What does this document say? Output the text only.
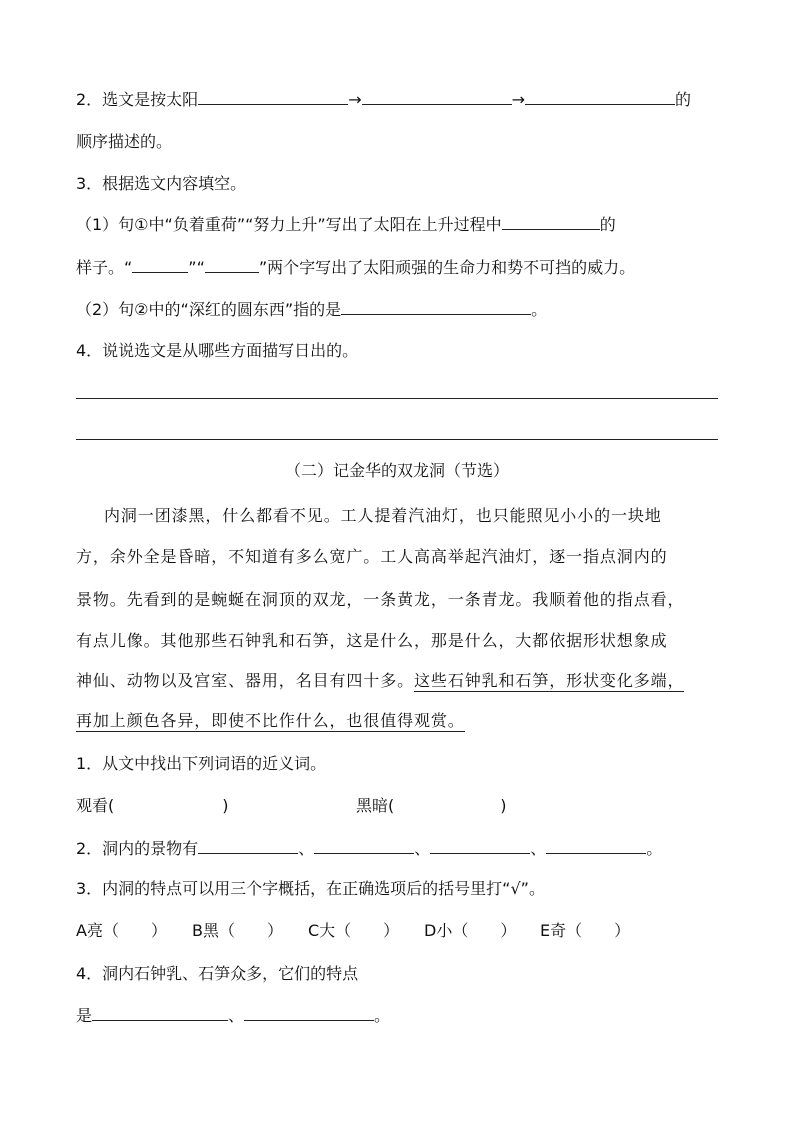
2．选文是按太阳	→	→	的
顺序描述的。
3．根据选文内容填空。
（1）句①中“负着重荷”“努力上升”写出了太阳在上升过程中	的
样子。“	”“	”两个字写出了太阳顽强的生命力和势不可挡的威力。
（2）句②中的“深红的圆东西”指的是	。
4．说说选文是从哪些方面描写日出的。
（二）记金华的双龙洞（节选）
内洞一团漆黑，什么都看不见。工人提着汽油灯，也只能照见小小的一块地
方，余外全是昏暗，不知道有多么宽广。工人高高举起汽油灯，逐一指点洞内的
景物。先看到的是蜿蜒在洞顶的双龙，一条黄龙，一条青龙。我顺着他的指点看，
有点儿像。其他那些石钟乳和石笋，这是什么，那是什么，大都依据形状想象成
神仙、动物以及宫室、器用，名目有四十多。这些石钟乳和石笋，形状变化多端，
再加上颜色各异，即使不比作什么，也很值得观赏。
1．从文中找出下列词语的近义词。
观看(	)	黑暗(	)
2．洞内的景物有	、	、	、	。
3．内洞的特点可以用三个字概括，在正确选项后的括号里打“√”。
A亮（　　） B黑（　　） C大（　　） D小（　　） E奇（　　）
4．洞内石钟乳、石笋众多，它们的特点
是	、	。
